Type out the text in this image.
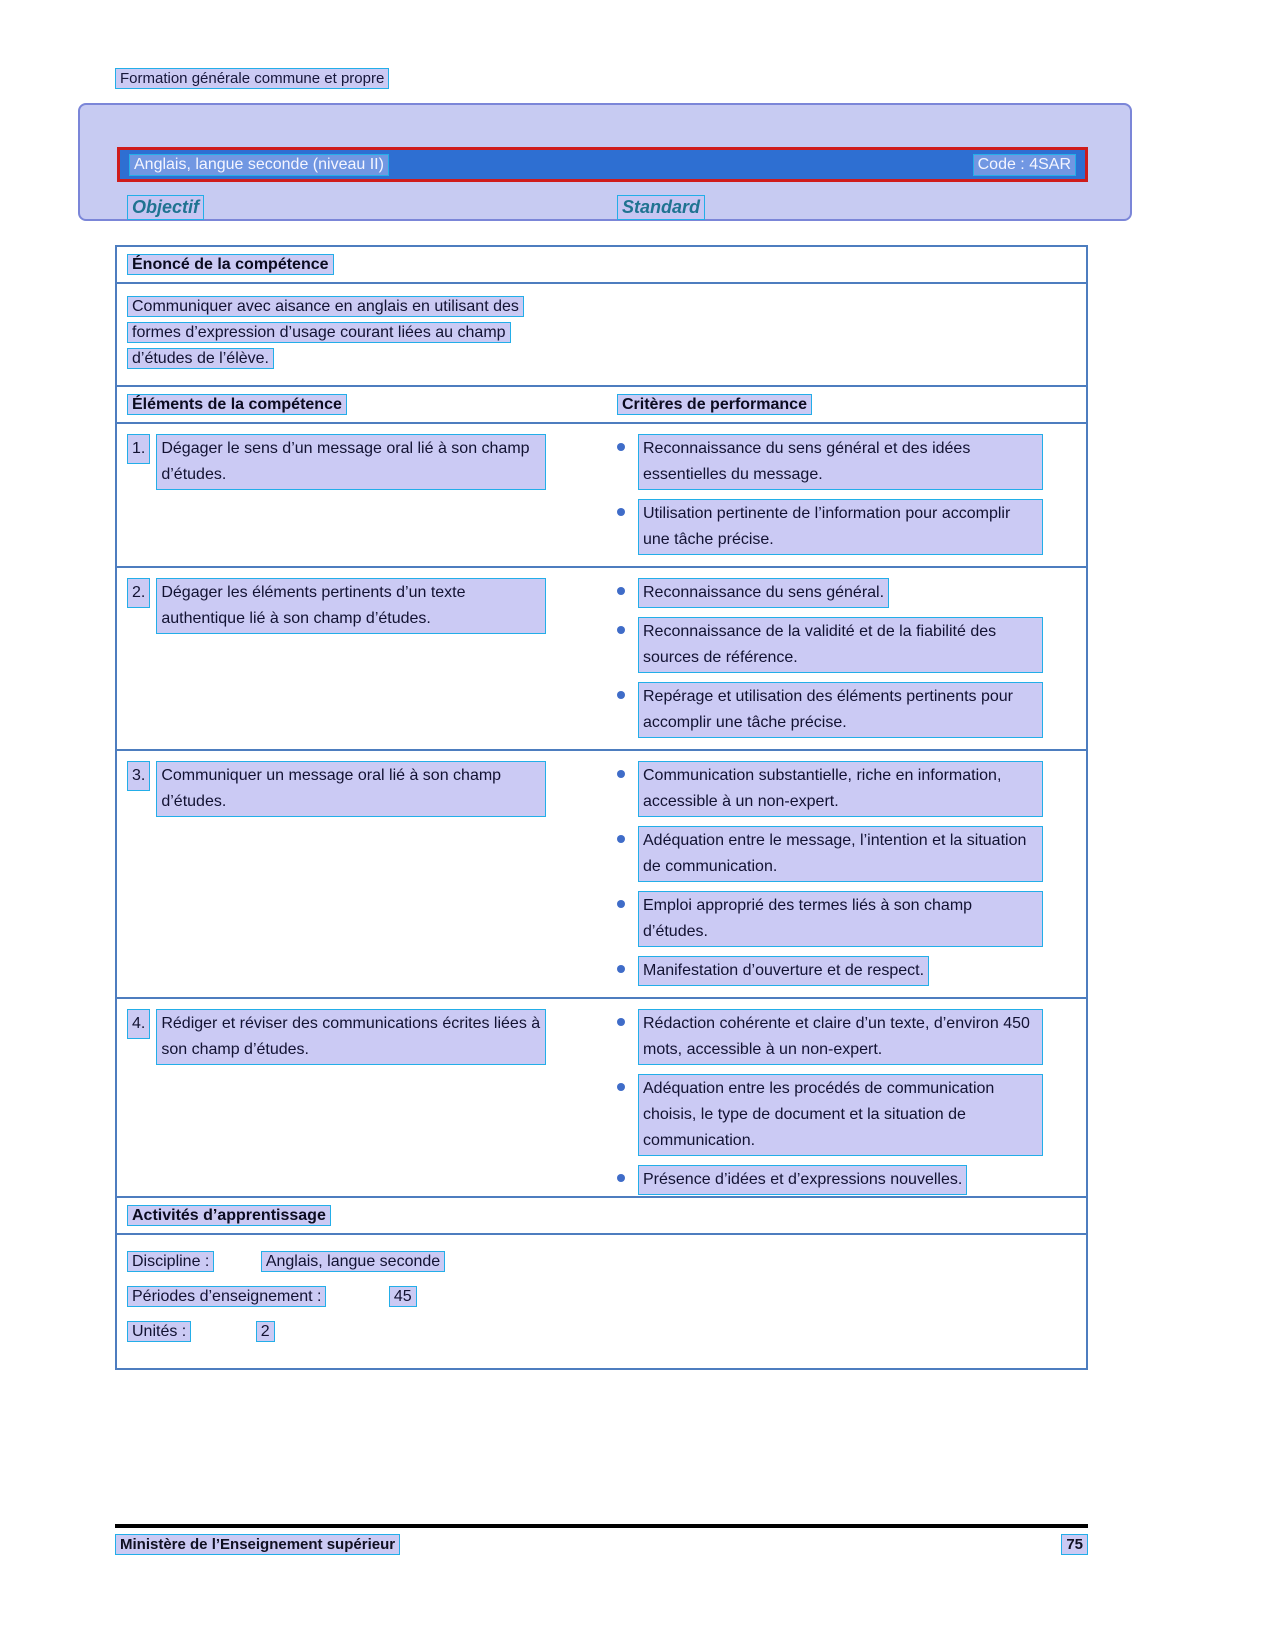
Formation générale commune et propre
Anglais, langue seconde (niveau II)	Code : 4SAR
Objectif	Standard
Énoncé de la compétence
Communiquer avec aisance en anglais en utilisant des formes d’expression d’usage courant liées au champ d’études de l’élève.
Éléments de la compétence	Critères de performance
1.	Dégager le sens d’un message oral lié à son champ d’études.
Reconnaissance du sens général et des idées essentielles du message.
Utilisation pertinente de l’information pour accomplir une tâche précise.
2.	Dégager les éléments pertinents d’un texte authentique lié à son champ d’études.
Reconnaissance du sens général.
Reconnaissance de la validité et de la fiabilité des sources de référence.
Repérage et utilisation des éléments pertinents pour accomplir une tâche précise.
3.	Communiquer un message oral lié à son champ d’études.
Communication substantielle, riche en information, accessible à un non-expert.
Adéquation entre le message, l’intention et la situation de communication.
Emploi approprié des termes liés à son champ d’études.
Manifestation d’ouverture et de respect.
4.	Rédiger et réviser des communications écrites liées à son champ d’études.
Rédaction cohérente et claire d’un texte, d’environ 450 mots, accessible à un non-expert.
Adéquation entre les procédés de communication choisis, le type de document et la situation de communication.
Présence d’idées et d’expressions nouvelles.
Activités d’apprentissage
Discipline :	Anglais, langue seconde
Périodes d’enseignement :	45
Unités :	2
Ministère de l’Enseignement supérieur	75
